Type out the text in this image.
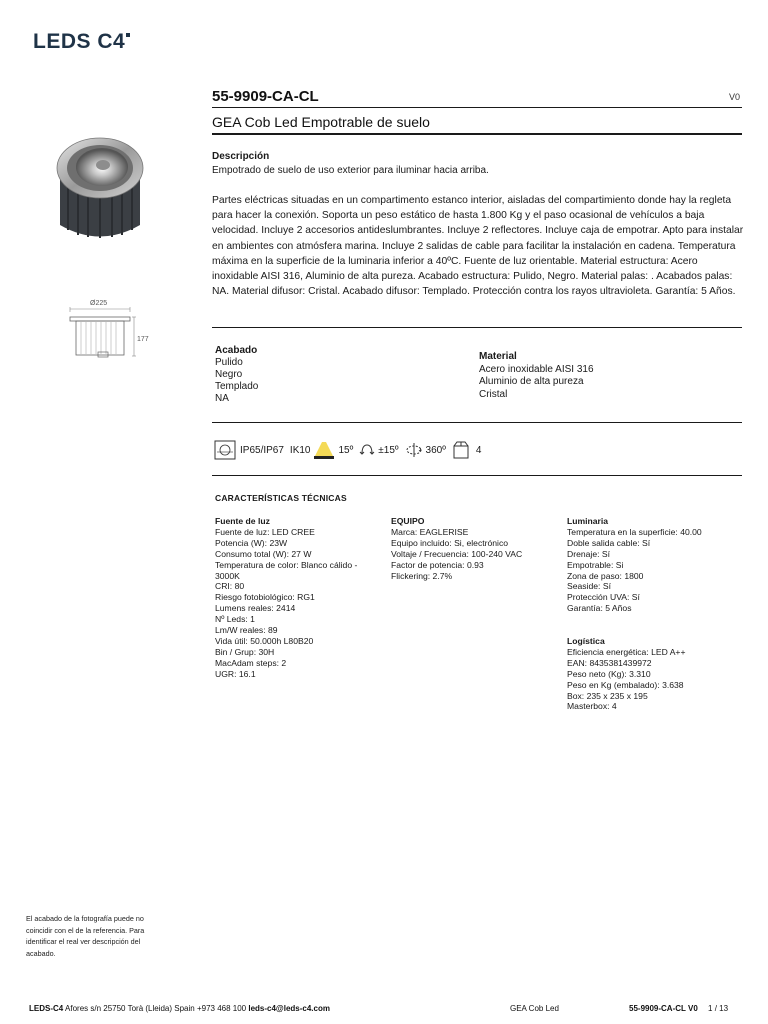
LEDS C4
55-9909-CA-CL	V0
GEA Cob Led Empotrable de suelo
Ø225
177
Descripción
Empotrado de suelo de uso exterior para iluminar hacia arriba.
Partes eléctricas situadas en un compartimento estanco interior, aisladas del compartimiento donde hay la regleta para hacer la conexión. Soporta un peso estático de hasta 1.800 Kg y el paso ocasional de vehículos a baja velocidad. Incluye 2 accesorios antideslumbrantes. Incluye 2 reflectores. Incluye caja de empotrar. Apto para instalar en ambientes con atmósfera marina. Incluye 2 salidas de cable para facilitar la instalación en cadena. Temperatura máxima en la superficie de la luminaria inferior a 40ºC. Fuente de luz orientable. Material estructura: Acero inoxidable AISI 316, Aluminio de alta pureza. Acabado estructura: Pulido, Negro. Material palas: . Acabados palas: NA. Material difusor: Cristal. Acabado difusor: Templado. Protección contra los rayos ultravioleta. Garantía: 5 Años.
Acabado
Pulido
Negro
Templado
NA
Material
Acero inoxidable AISI 316
Aluminio de alta pureza
Cristal
IP65/IP67 IK10	15º	±15º	360º	4
CARACTERÍSTICAS TÉCNICAS
Fuente de luz
Fuente de luz: LED CREE
Potencia (W): 23W
Consumo total (W): 27 W
Temperatura de color: Blanco cálido -
3000K
CRI: 80
Riesgo fotobiológico: RG1
Lumens reales: 2414
Nº Leds: 1
Lm/W reales: 89
Vida útil: 50.000h L80B20
Bin / Grup: 30H
MacAdam steps: 2
UGR: 16.1
EQUIPO
Marca: EAGLERISE
Equipo incluido: Si, electrónico
Voltaje / Frecuencia: 100-240 VAC
Factor de potencia: 0.93
Flickering: 2.7%
Luminaria
Temperatura en la superficie: 40.00
Doble salida cable: Sí
Drenaje: Sí
Empotrable: Si
Zona de paso: 1800
Seaside: Sí
Protección UVA: Sí
Garantía: 5 Años
Logística
Eficiencia energética: LED A++
EAN: 8435381439972
Peso neto (Kg): 3.310
Peso en Kg (embalado): 3.638
Box: 235 x 235 x 195
Masterbox: 4
El acabado de la fotografía puede no coincidir con el de la referencia. Para identificar el real ver descripción del acabado.
LEDS-C4 Afores s/n 25750 Torà (Lleida) Spain +973 468 100 leds-c4@leds-c4.com	GEA Cob Led	55-9909-CA-CL V0 1 / 13
